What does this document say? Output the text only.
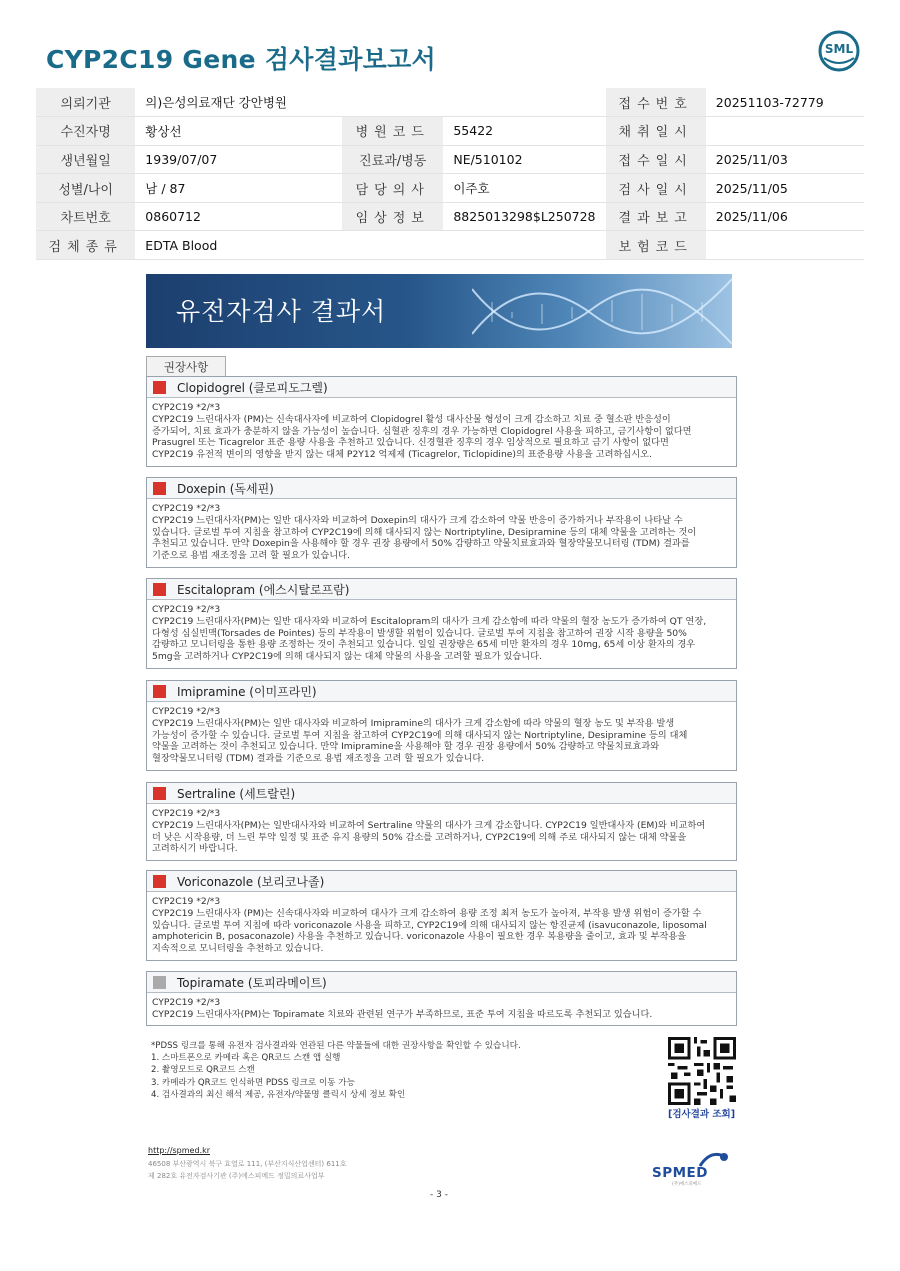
CYP2C19 Gene 검사결과보고서	SML
의뢰기관	의)은성의료재단 강안병원			접수번호	20251103-72779
수진자명	황상선	병원코드	55422	채취일시	
생년월일	1939/07/07	진료과/병동	NE/510102	접수일시	2025/11/03
성별/나이	남 / 87	담당의사	이주호	검사일시	2025/11/05
차트번호	0860712	임상정보	8825013298$L250728	결과보고	2025/11/06
검체종류	EDTA Blood			보험코드	
유전자검사 결과서
권장사항
Clopidogrel (클로피도그렐)
CYP2C19 *2/*3
CYP2C19 느린대사자 (PM)는 신속대사자에 비교하여 Clopidogrel 활성 대사산물 형성이 크게 감소하고 치료 중 혈소판 반응성이
증가되어, 치료 효과가 충분하지 않을 가능성이 높습니다. 심혈관 징후의 경우 가능하면 Clopidogrel 사용을 피하고, 금기사항이 없다면
Prasugrel 또는 Ticagrelor 표준 용량 사용을 추천하고 있습니다. 신경혈관 징후의 경우 임상적으로 필요하고 금기 사항이 없다면
CYP2C19 유전적 변이의 영향을 받지 않는 대체 P2Y12 억제제 (Ticagrelor, Ticlopidine)의 표준용량 사용을 고려하십시오.
Doxepin (독세핀)
CYP2C19 *2/*3
CYP2C19 느린대사자(PM)는 일반 대사자와 비교하여 Doxepin의 대사가 크게 감소하여 약물 반응이 증가하거나 부작용이 나타날 수
있습니다. 글로벌 투여 지침을 참고하여 CYP2C19에 의해 대사되지 않는 Nortriptyline, Desipramine 등의 대체 약물을 고려하는 것이
추천되고 있습니다. 만약 Doxepin을 사용해야 할 경우 권장 용량에서 50% 감량하고 약물치료효과와 혈장약물모니터링 (TDM) 결과를
기준으로 용법 재조정을 고려 할 필요가 있습니다.
Escitalopram (에스시탈로프람)
CYP2C19 *2/*3
CYP2C19 느린대사자(PM)는 일반 대사자와 비교하여 Escitalopram의 대사가 크게 감소함에 따라 약물의 혈장 농도가 증가하여 QT 연장,
다형성 심실빈맥(Torsades de Pointes) 등의 부작용이 발생할 위험이 있습니다. 글로벌 투여 지침을 참고하여 권장 시작 용량을 50%
감량하고 모니터링을 통한 용량 조정하는 것이 추천되고 있습니다. 일일 권장량은 65세 미만 환자의 경우 10mg, 65세 이상 환자의 경우
5mg을 고려하거나 CYP2C19에 의해 대사되지 않는 대체 약물의 사용을 고려할 필요가 있습니다.
Imipramine (이미프라민)
CYP2C19 *2/*3
CYP2C19 느린대사자(PM)는 일반 대사자와 비교하여 Imipramine의 대사가 크게 감소함에 따라 약물의 혈장 농도 및 부작용 발생
가능성이 증가할 수 있습니다. 글로벌 투여 지침을 참고하여 CYP2C19에 의해 대사되지 않는 Nortriptyline, Desipramine 등의 대체
약물을 고려하는 것이 추천되고 있습니다. 만약 Imipramine을 사용해야 할 경우 권장 용량에서 50% 감량하고 약물치료효과와
혈장약물모니터링 (TDM) 결과를 기준으로 용법 재조정을 고려 할 필요가 있습니다.
Sertraline (세트랄린)
CYP2C19 *2/*3
CYP2C19 느린대사자(PM)는 일반대사자와 비교하여 Sertraline 약물의 대사가 크게 감소합니다. CYP2C19 일반대사자 (EM)와 비교하여
더 낮은 시작용량, 더 느린 투약 일정 및 표준 유지 용량의 50% 감소를 고려하거나, CYP2C19에 의해 주로 대사되지 않는 대체 약물을
고려하시기 바랍니다.
Voriconazole (보리코나졸)
CYP2C19 *2/*3
CYP2C19 느린대사자 (PM)는 신속대사자와 비교하여 대사가 크게 감소하여 용량 조정 최저 농도가 높아져, 부작용 발생 위험이 증가할 수
있습니다. 글로벌 투여 지침에 따라 voriconazole 사용을 피하고, CYP2C19에 의해 대사되지 않는 항진균제 (isavuconazole, liposomal
amphotericin B, posaconazole) 사용을 추천하고 있습니다. voriconazole 사용이 필요한 경우 복용량을 줄이고, 효과 및 부작용을
지속적으로 모니터링을 추천하고 있습니다.
Topiramate (토피라메이트)
CYP2C19 *2/*3
CYP2C19 느린대사자(PM)는 Topiramate 치료와 관련된 연구가 부족하므로, 표준 투여 지침을 따르도록 추천되고 있습니다.
*PDSS 링크를 통해 유전자 검사결과와 연관된 다른 약물들에 대한 권장사항을 확인할 수 있습니다.
1. 스마트폰으로 카메라 혹은 QR코드 스캔 앱 실행
2. 촬영모드로 QR코드 스캔
3. 카메라가 QR코드 인식하면 PDSS 링크로 이동 가능
4. 검사결과의 최신 해석 제공, 유전자/약물명 클릭시 상세 정보 확인
[검사결과 조회]
http://spmed.kr
46508 부산광역시 북구 효열로 111, (부산지식산업센터) 611호
제 282호 유전자검사기관 (주)에스피메드 정밀의료사업부	SPMED
(주)에스피메드
- 3 -
